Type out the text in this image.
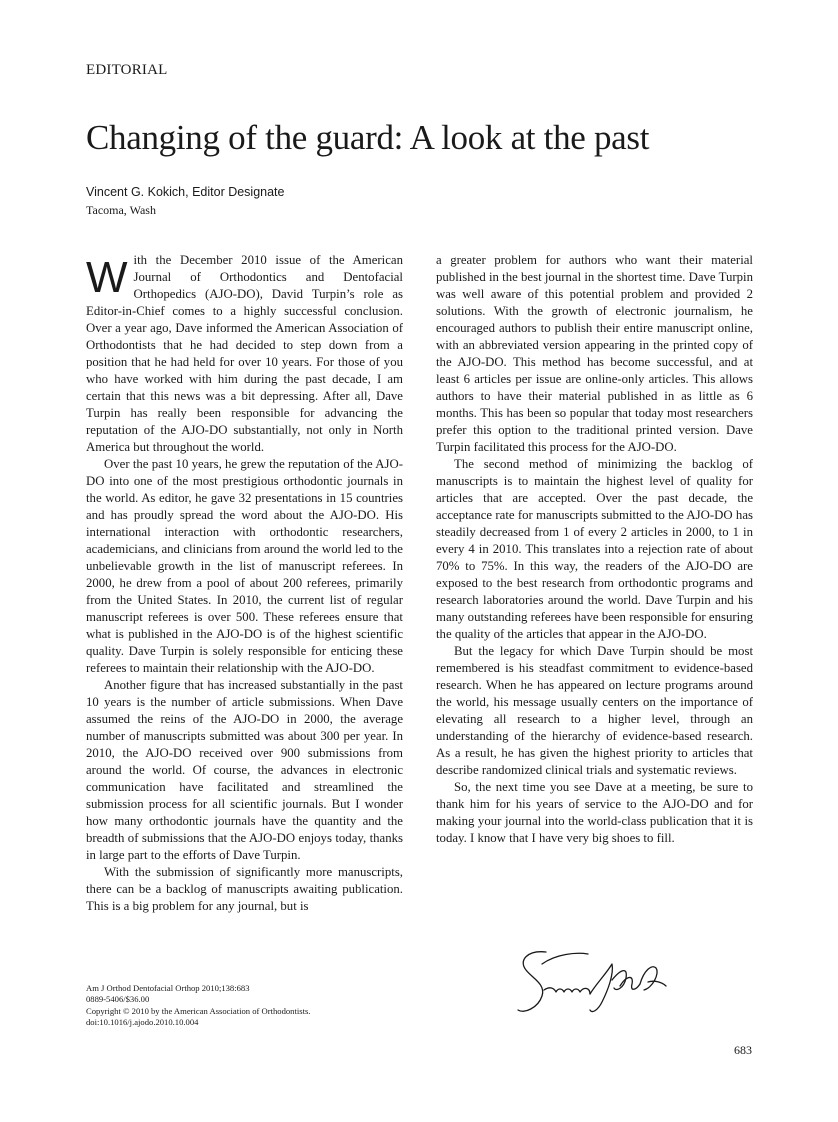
EDITORIAL
Changing of the guard: A look at the past
Vincent G. Kokich, Editor Designate
Tacoma, Wash

With the December 2010 issue of the American Journal of Orthodontics and Dentofacial Orthopedics (AJO-DO), David Turpin’s role as Editor-in-Chief comes to a highly successful conclusion. Over a year ago, Dave informed the American Association of Orthodontists that he had decided to step down from a position that he had held for over 10 years. For those of you who have worked with him during the past decade, I am certain that this news was a bit depressing. After all, Dave Turpin has really been responsible for advancing the reputation of the AJO-DO substantially, not only in North America but throughout the world.

Over the past 10 years, he grew the reputation of the AJO-DO into one of the most prestigious orthodontic journals in the world. As editor, he gave 32 presentations in 15 countries and has proudly spread the word about the AJO-DO. His international interaction with orthodontic researchers, academicians, and clinicians from around the world led to the unbelievable growth in the list of manuscript referees. In 2000, he drew from a pool of about 200 referees, primarily from the United States. In 2010, the current list of regular manuscript referees is over 500. These referees ensure that what is published in the AJO-DO is of the highest scientific quality. Dave Turpin is solely responsible for enticing these referees to maintain their relationship with the AJO-DO.

Another figure that has increased substantially in the past 10 years is the number of article submissions. When Dave assumed the reins of the AJO-DO in 2000, the average number of manuscripts submitted was about 300 per year. In 2010, the AJO-DO received over 900 submissions from around the world. Of course, the advances in electronic communication have facilitated and streamlined the submission process for all scientific journals. But I wonder how many orthodontic journals have the quantity and the breadth of submissions that the AJO-DO enjoys today, thanks in large part to the efforts of Dave Turpin.

With the submission of significantly more manuscripts, there can be a backlog of manuscripts awaiting publication. This is a big problem for any journal, but is

a greater problem for authors who want their material published in the best journal in the shortest time. Dave Turpin was well aware of this potential problem and provided 2 solutions. With the growth of electronic journalism, he encouraged authors to publish their entire manuscript online, with an abbreviated version appearing in the printed copy of the AJO-DO. This method has become successful, and at least 6 articles per issue are online-only articles. This allows authors to have their material published in as little as 6 months. This has been so popular that today most researchers prefer this option to the traditional printed version. Dave Turpin facilitated this process for the AJO-DO.

The second method of minimizing the backlog of manuscripts is to maintain the highest level of quality for articles that are accepted. Over the past decade, the acceptance rate for manuscripts submitted to the AJO-DO has steadily decreased from 1 of every 2 articles in 2000, to 1 in every 4 in 2010. This translates into a rejection rate of about 70% to 75%. In this way, the readers of the AJO-DO are exposed to the best research from orthodontic programs and research laboratories around the world. Dave Turpin and his many outstanding referees have been responsible for ensuring the quality of the articles that appear in the AJO-DO.

But the legacy for which Dave Turpin should be most remembered is his steadfast commitment to evidence-based research. When he has appeared on lecture programs around the world, his message usually centers on the importance of elevating all research to a higher level, through an understanding of the hierarchy of evidence-based research. As a result, he has given the highest priority to articles that describe randomized clinical trials and systematic reviews.

So, the next time you see Dave at a meeting, be sure to thank him for his years of service to the AJO-DO and for making your journal into the world-class publication that it is today. I know that I have very big shoes to fill.

Am J Orthod Dentofacial Orthop 2010;138:683
0889-5406/$36.00
Copyright © 2010 by the American Association of Orthodontists.
doi:10.1016/j.ajodo.2010.10.004
683
